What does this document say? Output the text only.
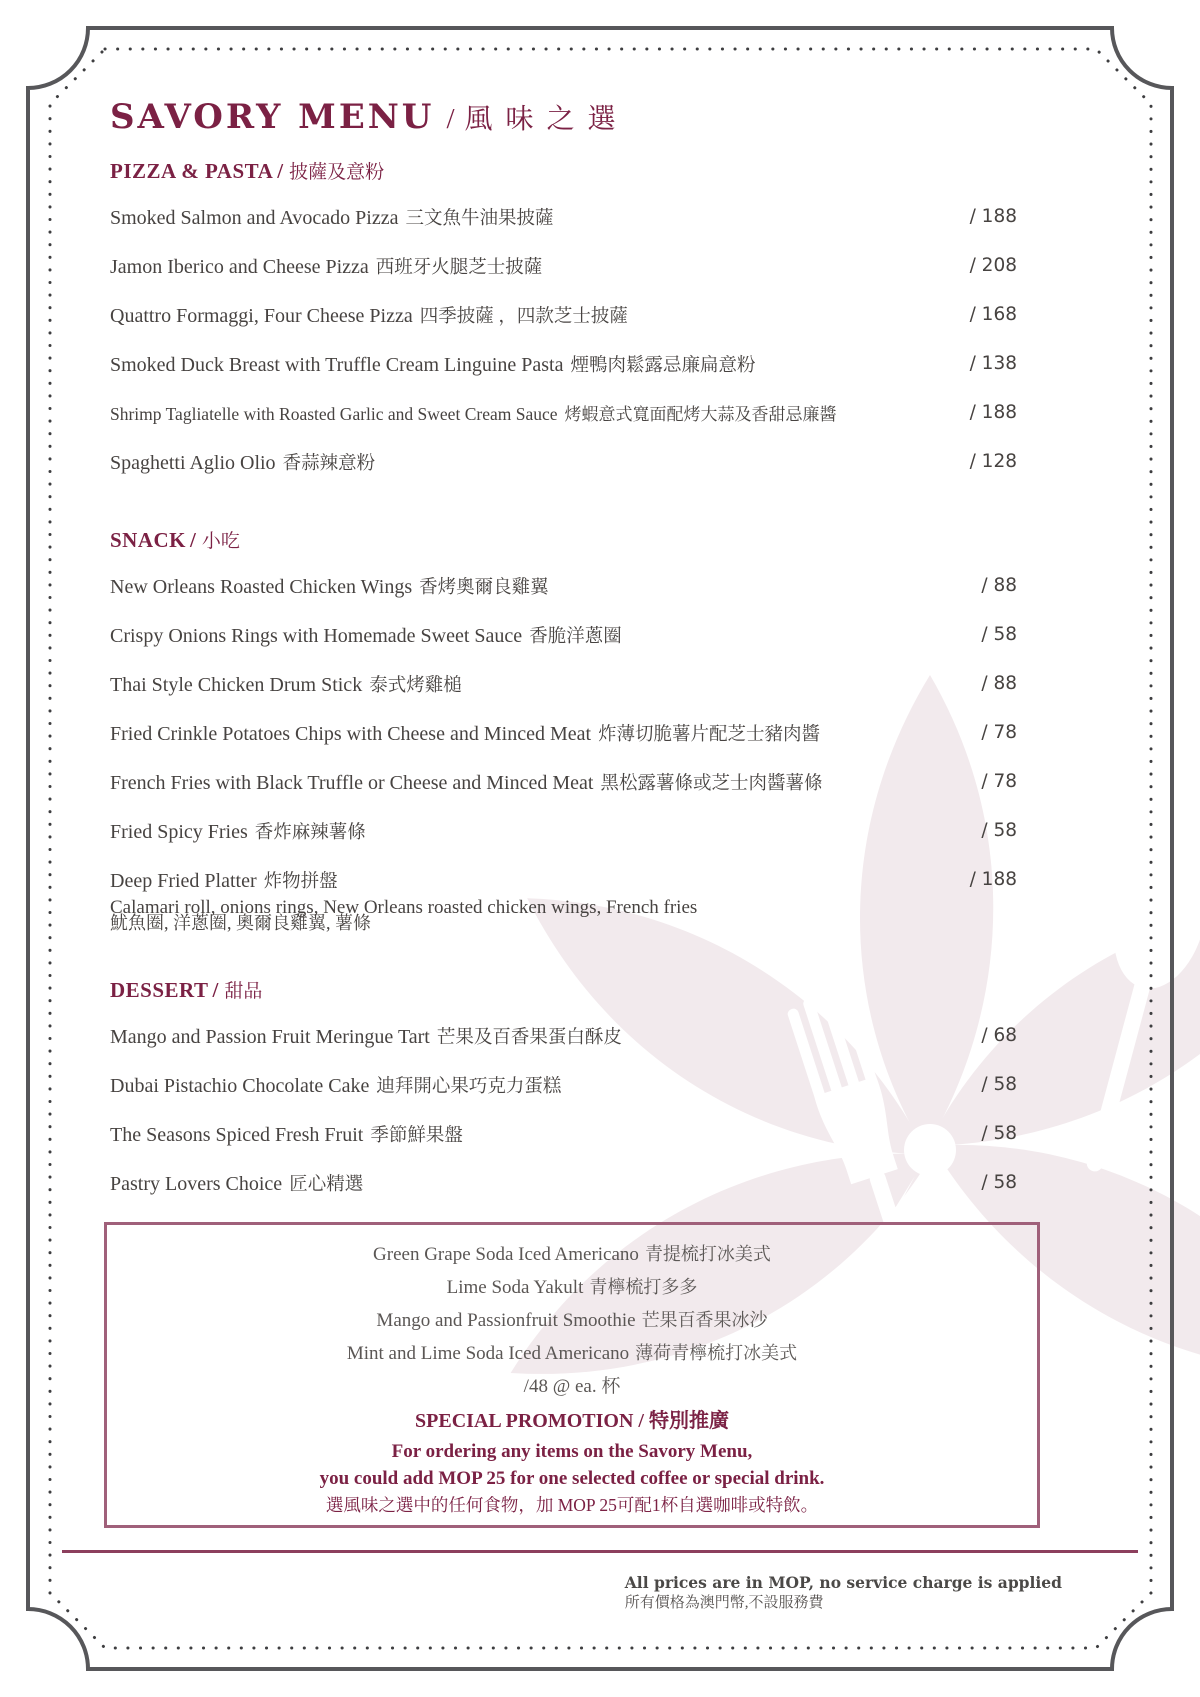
SAVORY MENU / 風味之選
PIZZA & PASTA / 披薩及意粉
Smoked Salmon and Avocado Pizza 三文魚牛油果披薩	/ 188
Jamon Iberico and Cheese Pizza 西班牙火腿芝士披薩	/ 208
Quattro Formaggi, Four Cheese Pizza 四季披薩 ，四款芝士披薩	/ 168
Smoked Duck Breast with Truffle Cream Linguine Pasta 煙鴨肉鬆露忌廉扁意粉	/ 138
Shrimp Tagliatelle with Roasted Garlic and Sweet Cream Sauce 烤蝦意式寬面配烤大蒜及香甜忌廉醬	/ 188
Spaghetti Aglio Olio 香蒜辣意粉	/ 128
SNACK / 小吃
New Orleans Roasted Chicken Wings 香烤奧爾良雞翼	/ 88
Crispy Onions Rings with Homemade Sweet Sauce 香脆洋蔥圈	/ 58
Thai Style Chicken Drum Stick 泰式烤雞槌	/ 88
Fried Crinkle Potatoes Chips with Cheese and Minced Meat 炸薄切脆薯片配芝士豬肉醬	/ 78
French Fries with Black Truffle or Cheese and Minced Meat 黑松露薯條或芝士肉醬薯條	/ 78
Fried Spicy Fries 香炸麻辣薯條	/ 58
Deep Fried Platter 炸物拼盤	/ 188
Calamari roll, onions rings, New Orleans roasted chicken wings, French fries
魷魚圈, 洋蔥圈, 奧爾良雞翼, 薯條
DESSERT / 甜品
Mango and Passion Fruit Meringue Tart 芒果及百香果蛋白酥皮	/ 68
Dubai Pistachio Chocolate Cake 迪拜開心果巧克力蛋糕	/ 58
The Seasons Spiced Fresh Fruit 季節鮮果盤	/ 58
Pastry Lovers Choice 匠心精選	/ 58
Green Grape Soda Iced Americano 青提梳打冰美式
Lime Soda Yakult 青檸梳打多多
Mango and Passionfruit Smoothie 芒果百香果冰沙
Mint and Lime Soda Iced Americano 薄荷青檸梳打冰美式
/48 @ ea. 杯
SPECIAL PROMOTION / 特別推廣
For ordering any items on the Savory Menu,
you could add MOP 25 for one selected coffee or special drink.
選風味之選中的任何食物，加 MOP 25可配1杯自選咖啡或特飲。
All prices are in MOP, no service charge is applied
所有價格為澳門幣,不設服務費
